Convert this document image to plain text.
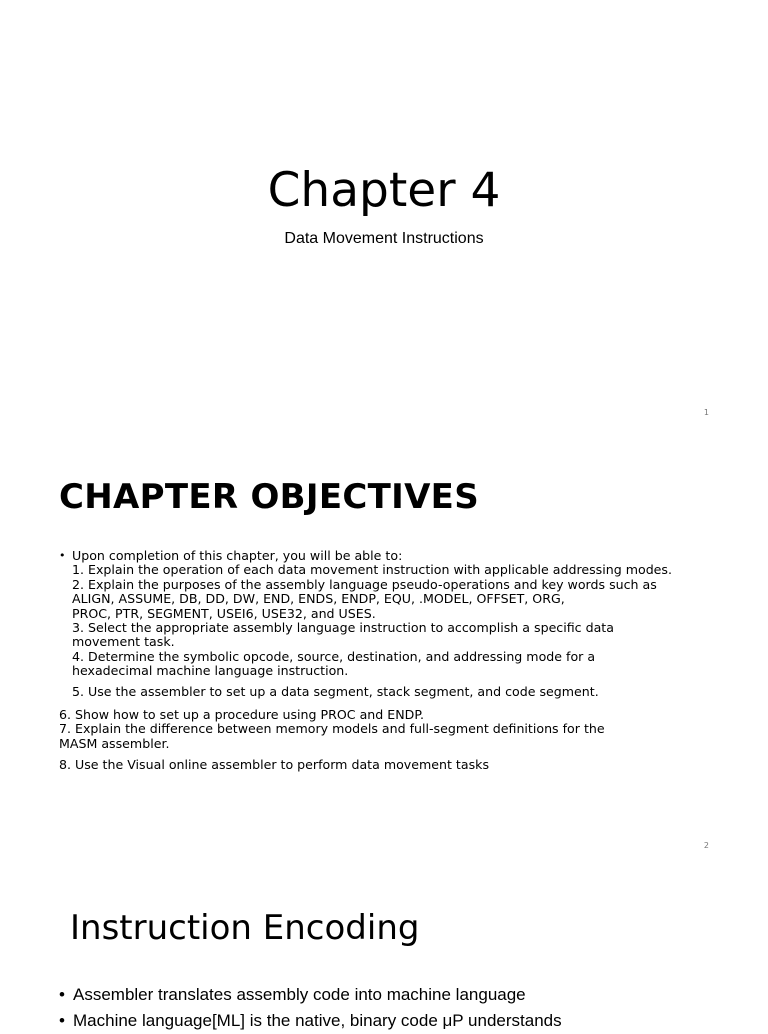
Chapter 4
Data Movement Instructions
1
CHAPTER OBJECTIVES
• Upon completion of this chapter, you will be able to:
1. Explain the operation of each data movement instruction with applicable addressing modes.
2. Explain the purposes of the assembly language pseudo-operations and key words such as
ALIGN, ASSUME, DB, DD, DW, END, ENDS, ENDP, EQU, .MODEL, OFFSET, ORG,
PROC, PTR, SEGMENT, USEI6, USE32, and USES.
3. Select the appropriate assembly language instruction to accomplish a specific data
movement task.
4. Determine the symbolic opcode, source, destination, and addressing mode for a
hexadecimal machine language instruction.
5. Use the assembler to set up a data segment, stack segment, and code segment.
6. Show how to set up a procedure using PROC and ENDP.
7. Explain the difference between memory models and full-segment definitions for the
MASM assembler.
8. Use the Visual online assembler to perform data movement tasks
2
Instruction Encoding
• Assembler translates assembly code into machine language
• Machine language[ML] is the native, binary code μP understands
